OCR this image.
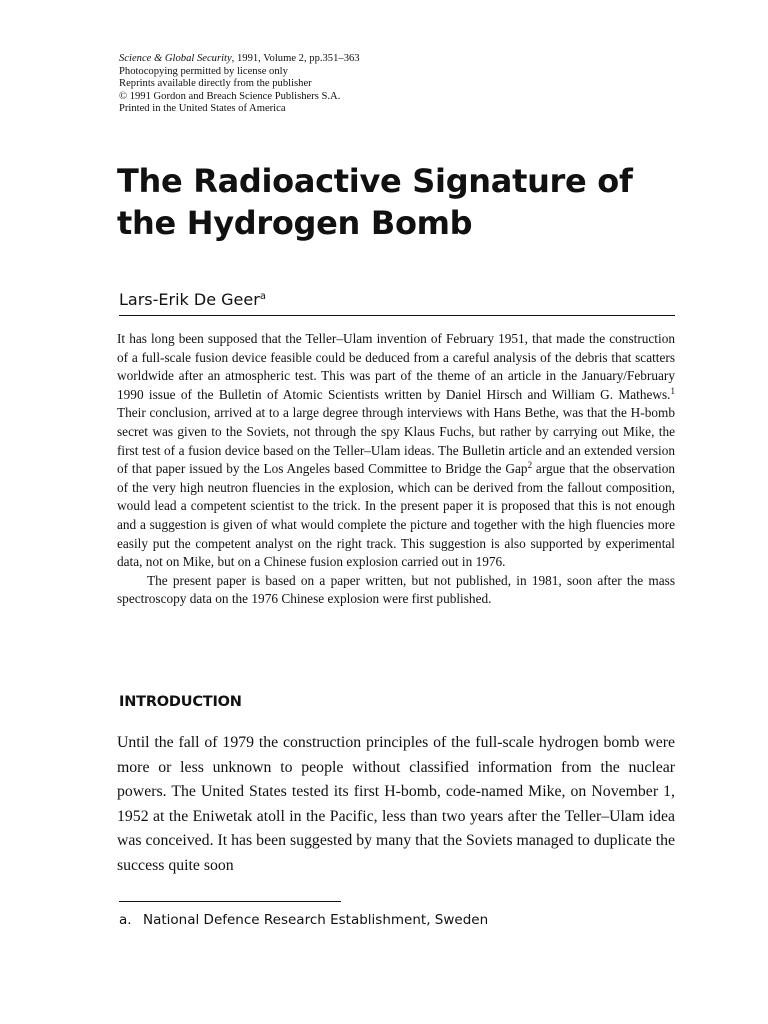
Science & Global Security, 1991, Volume 2, pp.351–363
Photocopying permitted by license only
Reprints available directly from the publisher
© 1991 Gordon and Breach Science Publishers S.A.
Printed in the United States of America
The Radioactive Signature of
the Hydrogen Bomb

Lars-Erik De Geer$^a$

It has long been supposed that the Teller–Ulam invention of February 1951, that made the construction of a full-scale fusion device feasible could be deduced from a careful analysis of the debris that scatters worldwide after an atmospheric test. This was part of the theme of an article in the January/February 1990 issue of the Bulletin of Atomic Scientists written by Daniel Hirsch and William G. Mathews.$^1$ Their conclusion, arrived at to a large degree through interviews with Hans Bethe, was that the H-bomb secret was given to the Soviets, not through the spy Klaus Fuchs, but rather by carrying out Mike, the first test of a fusion device based on the Teller–Ulam ideas. The Bulletin article and an extended version of that paper issued by the Los Angeles based Committee to Bridge the Gap$^2$ argue that the observation of the very high neutron fluencies in the explosion, which can be derived from the fallout composition, would lead a competent scientist to the trick. In the present paper it is proposed that this is not enough and a suggestion is given of what would complete the picture and together with the high fluencies more easily put the competent analyst on the right track. This suggestion is also supported by experimental data, not on Mike, but on a Chinese fusion explosion carried out in 1976.

The present paper is based on a paper written, but not published, in 1981, soon after the mass spectroscopy data on the 1976 Chinese explosion were first published.

INTRODUCTION

Until the fall of 1979 the construction principles of the full-scale hydrogen bomb were more or less unknown to people without classified information from the nuclear powers. The United States tested its first H-bomb, code-named Mike, on November 1, 1952 at the Eniwetak atoll in the Pacific, less than two years after the Teller–Ulam idea was conceived. It has been suggested by many that the Soviets managed to duplicate the success quite soon

a. National Defence Research Establishment, Sweden
